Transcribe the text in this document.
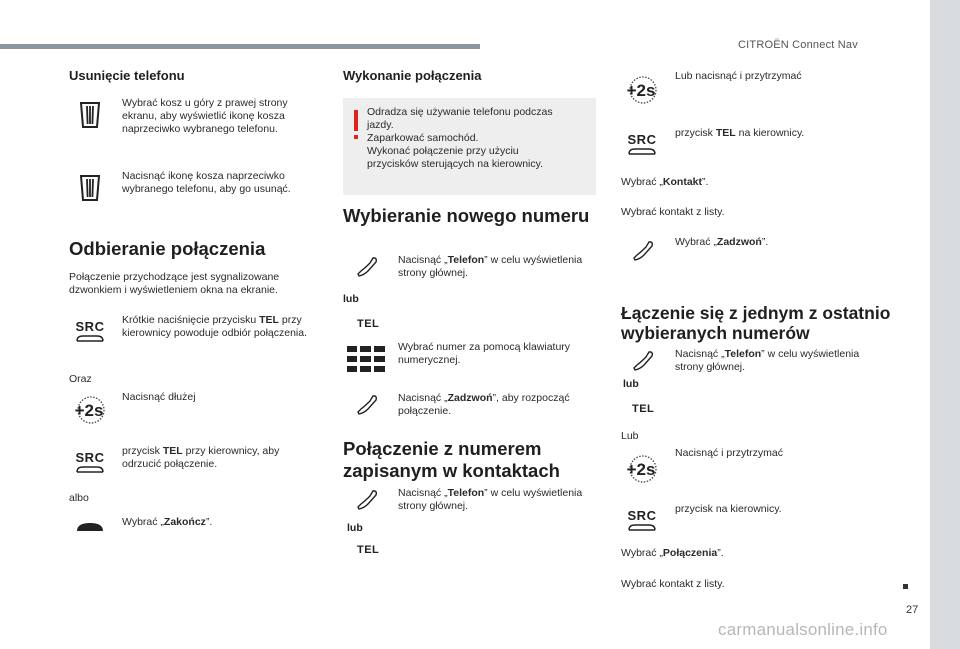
CITROËN Connect Nav
27
carmanualsonline.info
Usunięcie telefonu
Wybrać kosz u góry z prawej strony ekranu, aby wyświetlić ikonę kosza naprzeciwko wybranego telefonu.
Nacisnąć ikonę kosza naprzeciwko wybranego telefonu, aby go usunąć.
Odbieranie połączenia
Połączenie przychodzące jest sygnalizowane dzwonkiem i wyświetleniem okna na ekranie.
SRC Krótkie naciśnięcie przycisku TEL przy kierownicy powoduje odbiór połączenia.
Oraz
+2s
Nacisnąć dłużej
SRC przycisk TEL przy kierownicy, aby odrzucić połączenie.
albo
Wybrać „Zakończ”.
Wykonanie połączenia
Odradza się używanie telefonu podczas
jazdy.
Zaparkować samochód.
Wykonać połączenie przy użyciu
przycisków sterujących na kierownicy.
Wybieranie nowego numeru
lub
TEL
Nacisnąć „Telefon” w celu wyświetlenia strony głównej.
Wybrać numer za pomocą klawiatury numerycznej.
Nacisnąć „Zadzwoń”, aby rozpocząć połączenie.
Połączenie z numerem
zapisanym w kontaktach
lub
TEL
Nacisnąć „Telefon” w celu wyświetlenia strony głównej.
+2s
Lub nacisnąć i przytrzymać
SRC przycisk TEL na kierownicy.
Wybrać „Kontakt”.
Wybrać kontakt z listy.
Wybrać „Zadzwoń”.
Łączenie się z jednym z ostatnio
wybieranych numerów
lub
TEL
Nacisnąć „Telefon” w celu wyświetlenia strony głównej.
Lub
+2s
Nacisnąć i przytrzymać
SRC przycisk na kierownicy.
Wybrać „Połączenia”.
Wybrać kontakt z listy.
